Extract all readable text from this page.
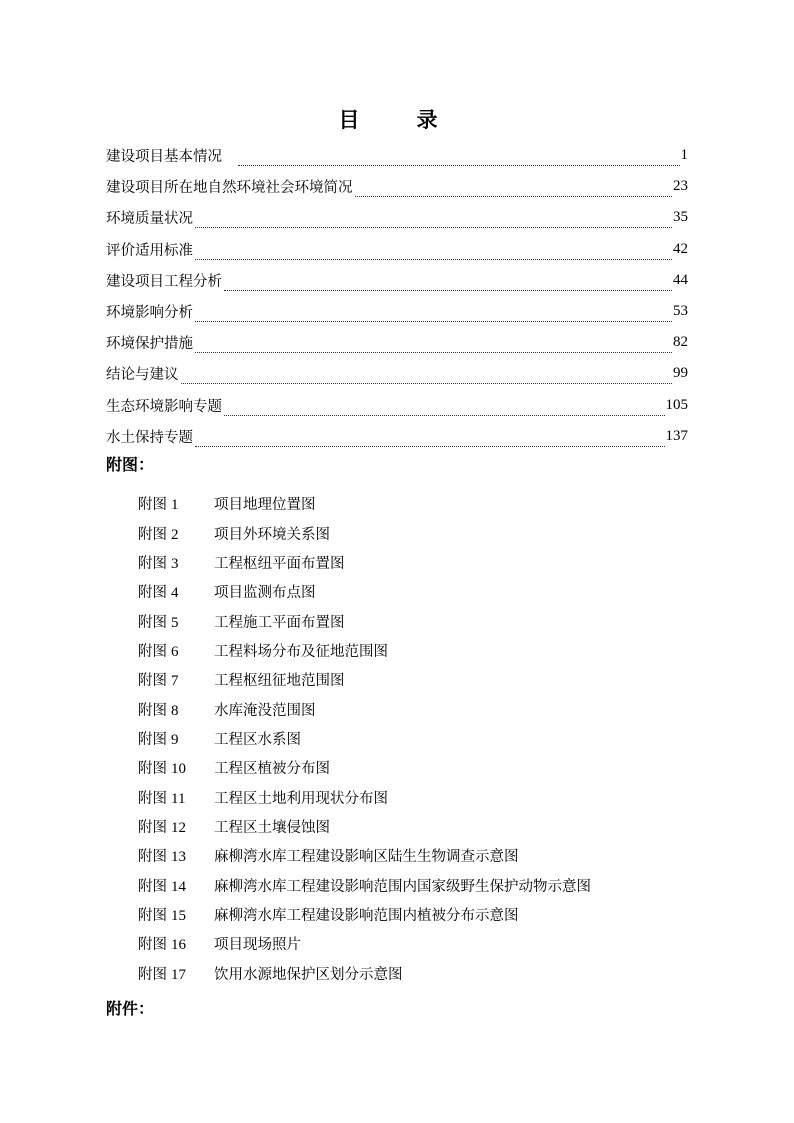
目　录
建设项目基本情况	1
建设项目所在地自然环境社会环境简况	23
环境质量状况	35
评价适用标准	42
建设项目工程分析	44
环境影响分析	53
环境保护措施	82
结论与建议	99
生态环境影响专题	105
水土保持专题	137
附图：
附图 1	项目地理位置图
附图 2	项目外环境关系图
附图 3	工程枢纽平面布置图
附图 4	项目监测布点图
附图 5	工程施工平面布置图
附图 6	工程料场分布及征地范围图
附图 7	工程枢纽征地范围图
附图 8	水库淹没范围图
附图 9	工程区水系图
附图 10	工程区植被分布图
附图 11	工程区土地利用现状分布图
附图 12	工程区土壤侵蚀图
附图 13	麻柳湾水库工程建设影响区陆生生物调查示意图
附图 14	麻柳湾水库工程建设影响范围内国家级野生保护动物示意图
附图 15	麻柳湾水库工程建设影响范围内植被分布示意图
附图 16	项目现场照片
附图 17	饮用水源地保护区划分示意图
附件：
